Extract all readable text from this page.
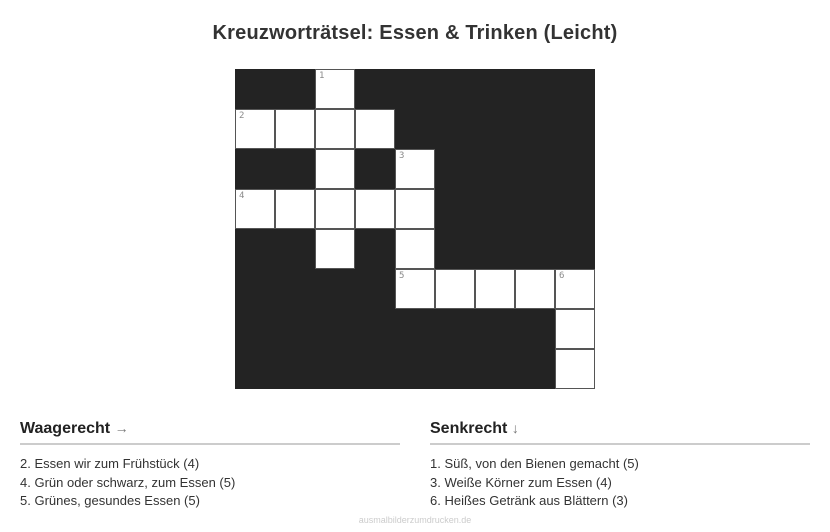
Kreuzworträtsel: Essen & Trinken (Leicht)
1
2
3
4
5	6
Waagerecht →
2. Essen wir zum Frühstück (4)
4. Grün oder schwarz, zum Essen (5)
5. Grünes, gesundes Essen (5)
Senkrecht ↓
1. Süß, von den Bienen gemacht (5)
3. Weiße Körner zum Essen (4)
6. Heißes Getränk aus Blättern (3)
ausmalbilderzumdrucken.de
